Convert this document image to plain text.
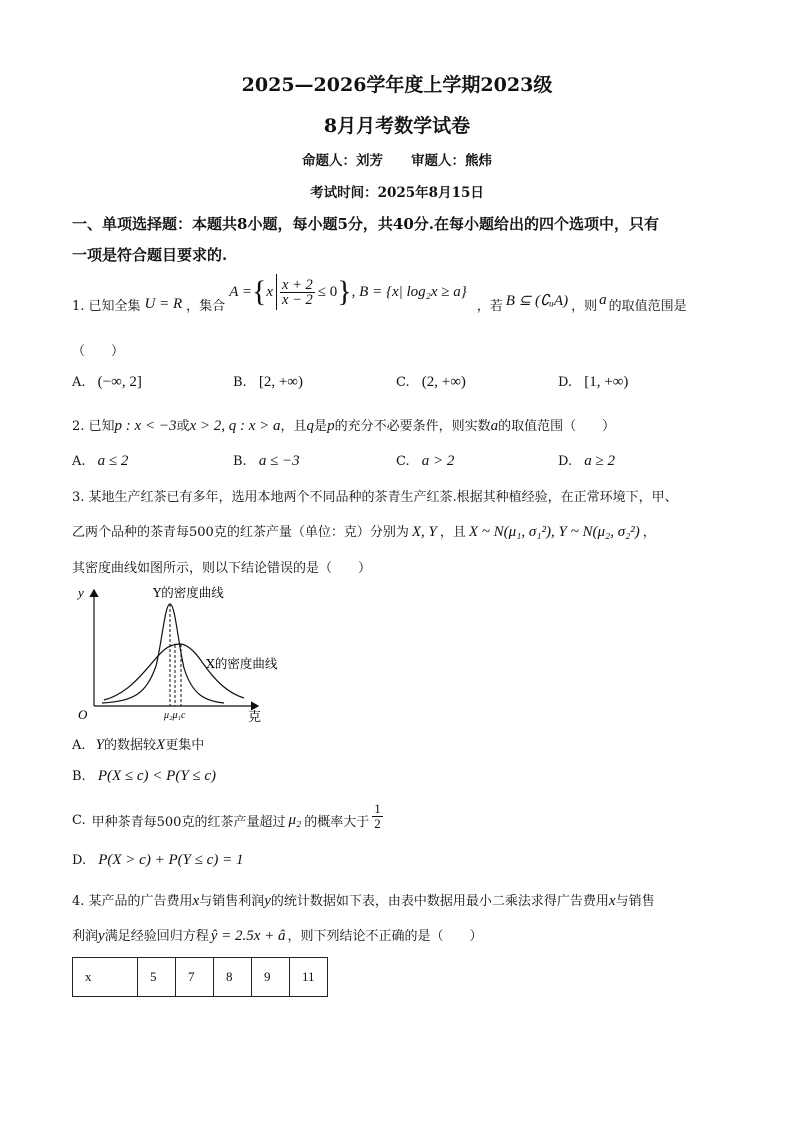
2025—2026学年度上学期2023级
8月月考数学试卷
命题人：刘芳 审题人：熊炜
考试时间：2025年8月15日
一、单项选择题：本题共8小题，每小题5分，共40分.在每小题给出的四个选项中，只有
一项是符合题目要求的.
1. 已知全集 U = R ，集合
A = { x $\frac{x + 2}{x - 2} \le 0$ } , B = {x| log₂x ≥ a}
，若 B ⊆ (∁ᵤA) ，则 a 的取值范围是
（　　）
A. (−∞, 2]	B. [2, +∞)	C. (2, +∞)	D. [1, +∞)
2. 已知p : x < −3或x > 2, q : x > a，且q是p的充分不必要条件，则实数a的取值范围（　　）
A. a ≤ 2	B. a ≤ −3	C. a > 2	D. a ≥ 2
3. 某地生产红茶已有多年，选用本地两个不同品种的茶青生产红茶.根据其种植经验，在正常环境下，甲、
乙两个品种的茶青每500克的红茶产量（单位：克）分别为 X, Y ，且 X ~ N(μ₁, σ₁²), Y ~ N(μ₂, σ₂²) ，
其密度曲线如图所示，则以下结论错误的是（　　）
y
O	克
Y的密度曲线
X的密度曲线
μ₂μ₁c
A. Y的数据较X更集中
B. P(X ≤ c) < P(Y ≤ c)
C. 甲种茶青每500克的红茶产量超过 μ₂ 的概率大于 $\frac{1}{2}$
D. P(X > c) + P(Y ≤ c) = 1
4. 某产品的广告费用x与销售利润y的统计数据如下表，由表中数据用最小二乘法求得广告费用x与销售
利润y满足经验回归方程 ŷ = 2.5x + â ，则下列结论不正确的是（　　）
x	5	7	8	9	11
